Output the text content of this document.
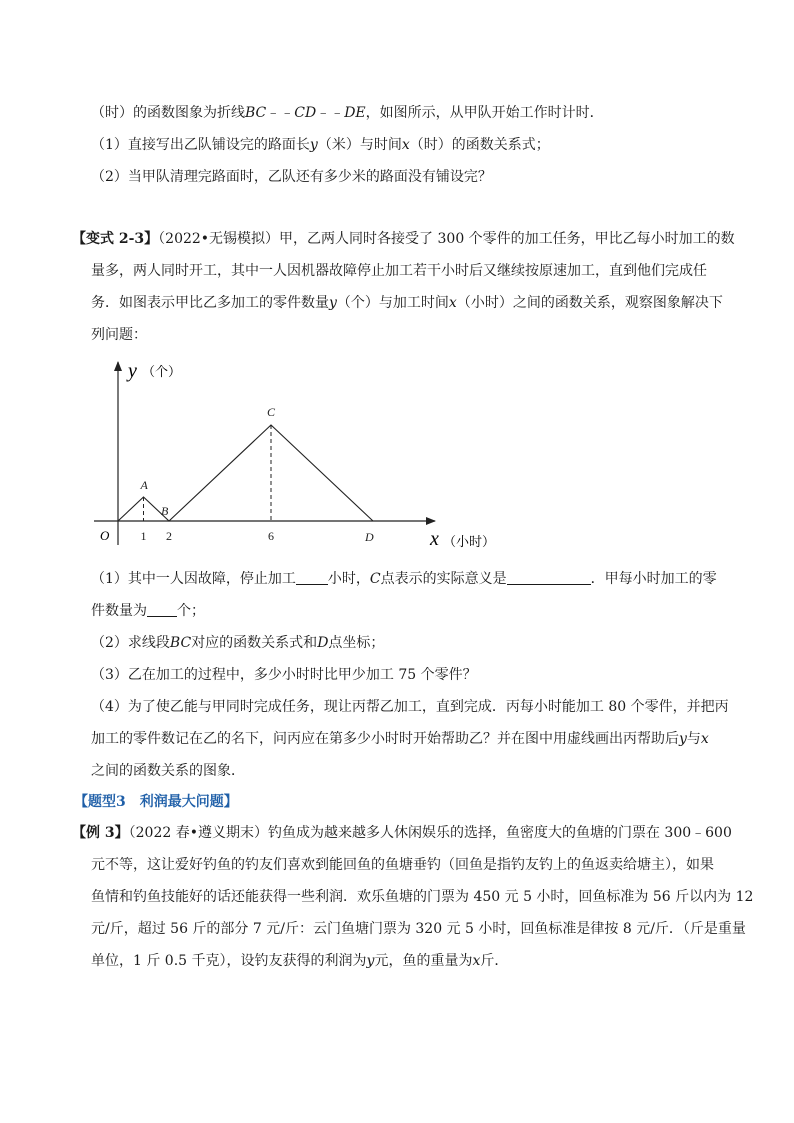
（时）的函数图象为折线BC﹣﹣CD﹣﹣DE，如图所示，从甲队开始工作时计时．
（1）直接写出乙队铺设完的路面长y（米）与时间x（时）的函数关系式；
（2）当甲队清理完路面时，乙队还有多少米的路面没有铺设完？
【变式 2-3】（2022•无锡模拟）甲，乙两人同时各接受了 300 个零件的加工任务，甲比乙每小时加工的数
量多，两人同时开工，其中一人因机器故障停止加工若干小时后又继续按原速加工，直到他们完成任
务．如图表示甲比乙多加工的零件数量y（个）与加工时间x（小时）之间的函数关系，观察图象解决下
列问题：
y （个）
x （小时）
O
A
B
C
D
1 2	6
（1）其中一人因故障，停止加工 小时，C点表示的实际意义是	．甲每小时加工的零
件数量为 个；
（2）求线段BC对应的函数关系式和D点坐标；
（3）乙在加工的过程中，多少小时时比甲少加工 75 个零件？
（4）为了使乙能与甲同时完成任务，现让丙帮乙加工，直到完成．丙每小时能加工 80 个零件，并把丙
加工的零件数记在乙的名下，问丙应在第多少小时时开始帮助乙？并在图中用虚线画出丙帮助后y与x
之间的函数关系的图象．
【题型3　利润最大问题】
【例 3】（2022 春•遵义期末）钓鱼成为越来越多人休闲娱乐的选择，鱼密度大的鱼塘的门票在 300﹣600
元不等，这让爱好钓鱼的钓友们喜欢到能回鱼的鱼塘垂钓（回鱼是指钓友钓上的鱼返卖给塘主），如果
鱼情和钓鱼技能好的话还能获得一些利润．欢乐鱼塘的门票为 450 元 5 小时，回鱼标准为 56 斤以内为 12
元/斤，超过 56 斤的部分 7 元/斤：云门鱼塘门票为 320 元 5 小时，回鱼标准是律按 8 元/斤．（斤是重量
单位，1 斤 0.5 千克），设钓友获得的利润为y元，鱼的重量为x斤．
